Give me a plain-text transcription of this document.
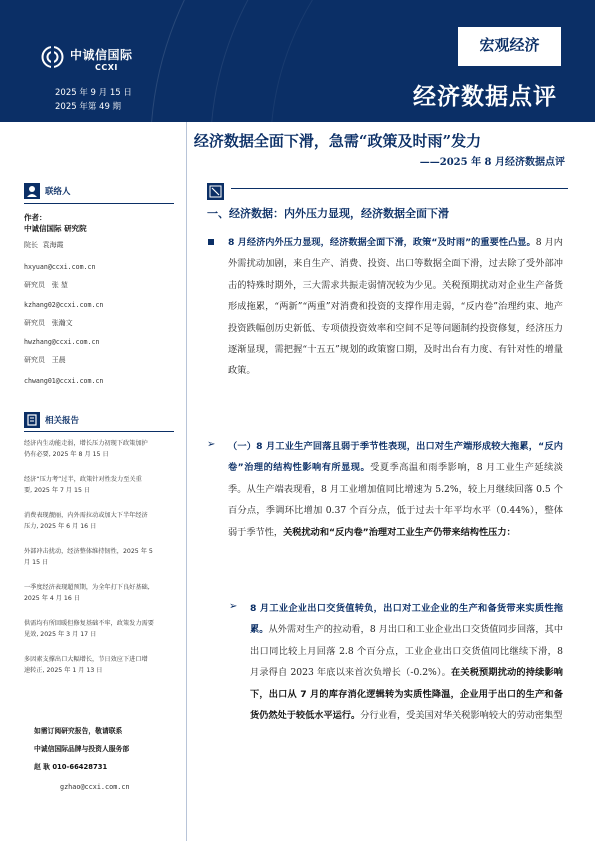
中诚信国际
CCXI
2025 年 9 月 15 日
2025 年第 49 期
宏观经济
经济数据点评
经济数据全面下滑，急需“政策及时雨”发力
——2025 年 8 月经济数据点评
联络人
作者：
中诚信国际 研究院
院长 袁海霞
hxyuan@ccxi.com.cn
研究员 张 堃
kzhang02@ccxi.com.cn
研究员 张瀚文
hwzhang@ccxi.com.cn
研究员 王晨
chwang01@ccxi.com.cn
相关报告
经济内生动能走弱，增长压力初现下政策加护
仍有必要, 2025 年 8 月 15 日
经济“压力考”过半，政策针对性发力至关重
要, 2025 年 7 月 15 日
消费表现靓丽，内外需拉动或加大下半年经济
压力, 2025 年 6 月 16 日
外部冲击扰动，经济整体维持韧性，2025 年 5
月 15 日
一季度经济表现超预期，为全年打下良好基础,
2025 年 4 月 16 日
供需均有所回暖但修复基础不牢，政策发力需要
见效, 2025 年 3 月 17 日
多因素支撑出口大幅增长，节日效应下进口增
速转正, 2025 年 1 月 13 日
如需订阅研究报告，敬请联系
中诚信国际品牌与投资人服务部
赵 耿 010-66428731
gzhao@ccxi.com.cn
一、经济数据：内外压力显现，经济数据全面下滑
8 月经济内外压力显现，经济数据全面下滑，政策“及时雨”的重要性凸显。8 月内外需扰动加剧，来自生产、消费、投资、出口等数据全面下滑，过去除了受外部冲击的特殊时期外，三大需求共振走弱情况较为少见。关税预期扰动对企业生产备货形成拖累，“两新”“两重”对消费和投资的支撑作用走弱，“反内卷”治理约束、地产投资跌幅创历史新低、专项债投资效率和空间不足等问题制约投资修复，经济压力逐渐显现，需把握“十五五”规划的政策窗口期，及时出台有力度、有针对性的增量政策。
➢ （一）8 月工业生产回落且弱于季节性表现，出口对生产端形成较大拖累，“反内卷”治理的结构性影响有所显现。受夏季高温和雨季影响，8 月工业生产延续淡季。从生产端表现看，8 月工业增加值同比增速为 5.2%，较上月继续回落 0.5 个百分点，季调环比增加 0.37 个百分点，低于过去十年平均水平（0.44%），整体弱于季节性，关税扰动和“反内卷”治理对工业生产仍带来结构性压力：
➢ 8 月工业企业出口交货值转负，出口对工业企业的生产和备货带来实质性拖累。从外需对生产的拉动看，8 月出口和工业企业出口交货值同步回落，其中出口同比较上月回落 2.8 个百分点，工业企业出口交货值同比继续下滑，8 月录得自 2023 年底以来首次负增长（-0.2%）。在关税预期扰动的持续影响下，出口从 7 月的库存消化逻辑转为实质性降温，企业用于出口的生产和备货仍然处于较低水平运行。分行业看，受美国对华关税影响较大的劳动密集型
